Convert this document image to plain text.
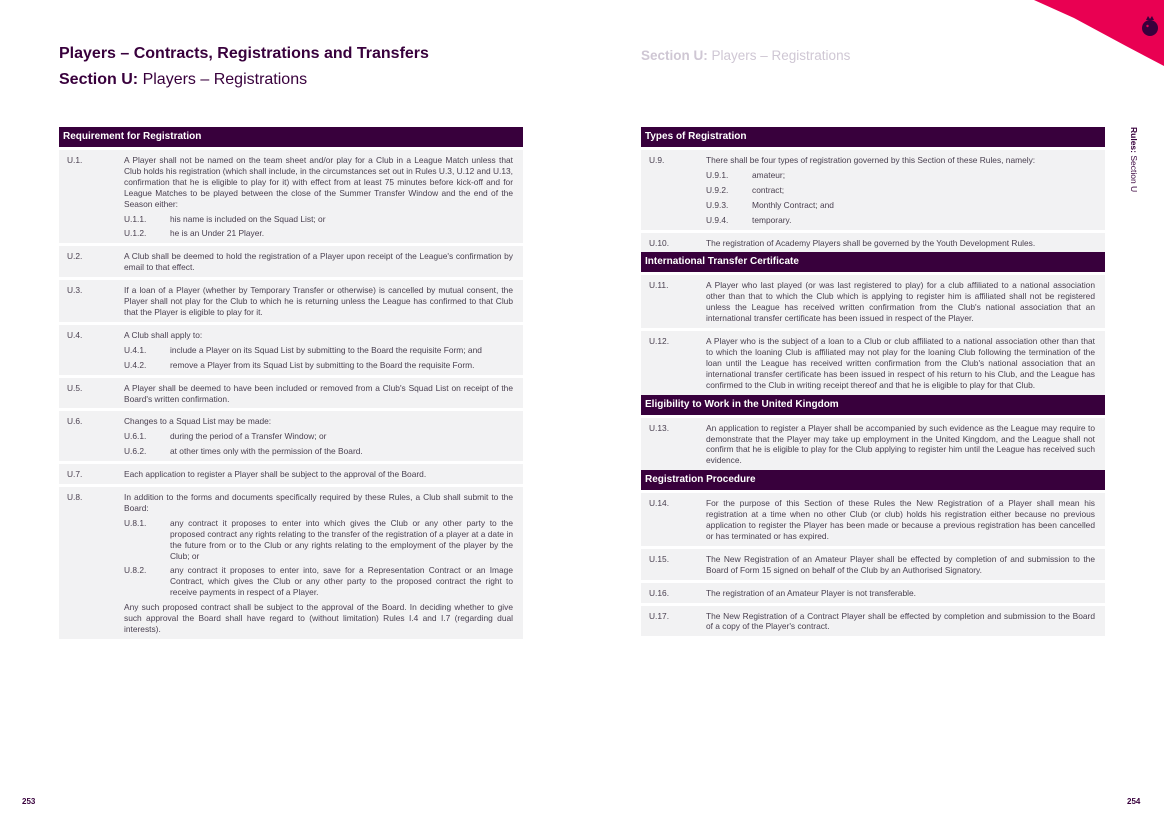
Players – Contracts, Registrations and Transfers
Section U: Players – Registrations
Requirement for Registration
U.1.	A Player shall not be named on the team sheet and/or play for a Club in a League Match unless that Club holds his registration (which shall include, in the circumstances set out in Rules U.3, U.12 and U.13, confirmation that he is eligible to play for it) with effect from at least 75 minutes before kick-off and for League Matches to be played between the close of the Summer Transfer Window and the end of the Season either:
U.1.1.	his name is included on the Squad List; or
U.1.2.	he is an Under 21 Player.
U.2.	A Club shall be deemed to hold the registration of a Player upon receipt of the League's confirmation by email to that effect.
U.3.	If a loan of a Player (whether by Temporary Transfer or otherwise) is cancelled by mutual consent, the Player shall not play for the Club to which he is returning unless the League has confirmed to that Club that the Player is eligible to play for it.
U.4.	A Club shall apply to:
U.4.1.	include a Player on its Squad List by submitting to the Board the requisite Form; and
U.4.2.	remove a Player from its Squad List by submitting to the Board the requisite Form.
U.5.	A Player shall be deemed to have been included or removed from a Club's Squad List on receipt of the Board's written confirmation.
U.6.	Changes to a Squad List may be made:
U.6.1.	during the period of a Transfer Window; or
U.6.2.	at other times only with the permission of the Board.
U.7.	Each application to register a Player shall be subject to the approval of the Board.
U.8.	In addition to the forms and documents specifically required by these Rules, a Club shall submit to the Board:
U.8.1.	any contract it proposes to enter into which gives the Club or any other party to the proposed contract any rights relating to the transfer of the registration of a player at a date in the future from or to the Club or any rights relating to the employment of the player by the Club; or
U.8.2.	any contract it proposes to enter into, save for a Representation Contract or an Image Contract, which gives the Club or any other party to the proposed contract the right to receive payments in respect of a Player.
Any such proposed contract shall be subject to the approval of the Board. In deciding whether to give such approval the Board shall have regard to (without limitation) Rules I.4 and I.7 (regarding dual interests).
253
Section U: Players – Registrations
Types of Registration
U.9.	There shall be four types of registration governed by this Section of these Rules, namely:
U.9.1.	amateur;
U.9.2.	contract;
U.9.3.	Monthly Contract; and
U.9.4.	temporary.
U.10.	The registration of Academy Players shall be governed by the Youth Development Rules.
International Transfer Certificate
U.11.	A Player who last played (or was last registered to play) for a club affiliated to a national association other than that to which the Club which is applying to register him is affiliated shall not be registered unless the League has received written confirmation from the Club's national association that an international transfer certificate has been issued in respect of the Player.
U.12.	A Player who is the subject of a loan to a Club or club affiliated to a national association other than that to which the loaning Club is affiliated may not play for the loaning Club following the termination of the loan until the League has received written confirmation from the Club's national association that an international transfer certificate has been issued in respect of his return to his Club, and the League has confirmed to the Club in writing receipt thereof and that he is eligible to play for that Club.
Eligibility to Work in the United Kingdom
U.13.	An application to register a Player shall be accompanied by such evidence as the League may require to demonstrate that the Player may take up employment in the United Kingdom, and the League shall not confirm that he is eligible to play for the Club applying to register him until the League has received such evidence.
Registration Procedure
U.14.	For the purpose of this Section of these Rules the New Registration of a Player shall mean his registration at a time when no other Club (or club) holds his registration either because no previous application to register the Player has been made or because a previous registration has been cancelled or has terminated or has expired.
U.15.	The New Registration of an Amateur Player shall be effected by completion of and submission to the Board of Form 15 signed on behalf of the Club by an Authorised Signatory.
U.16.	The registration of an Amateur Player is not transferable.
U.17.	The New Registration of a Contract Player shall be effected by completion and submission to the Board of a copy of the Player's contract.
Rules: Section U
254
